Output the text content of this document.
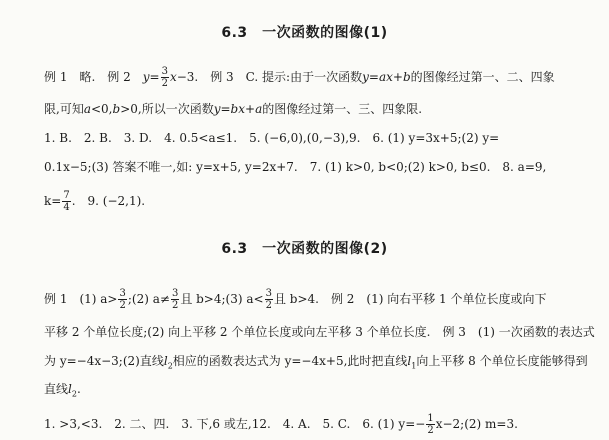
6.3　一次函数的图像(1)
例 1　略.　例 2　$y= \frac{3}{2} x-3$.　例 3　C. 提示:由于一次函数y=ax+b的图像经过第一、二、四象
限,可知a<0,b>0,所以一次函数y=bx+a的图像经过第一、三、四象限.
1. B.　2. B.　3. D.　4. 0.5<a≤1.　5. (−6,0),(0,−3),9.　6. (1) y=3x+5;(2) y=
0.1x−5;(3) 答案不唯一,如: y=x+5, y=2x+7.　7. (1) k>0, b<0;(2) k>0, b≤0.　8. a=9,
$k= \frac{7}{4}$ .　9. (−2,1).
6.3　一次函数的图像(2)
例 1　(1) $a> \frac{3}{2}$ ;(2) $a\ne \frac{3}{2}$ 且 b>4;(3) $a< \frac{3}{2}$ 且 b>4.　例 2　(1) 向右平移 1 个单位长度或向下
平移 2 个单位长度;(2) 向上平移 2 个单位长度或向左平移 3 个单位长度.　例 3　(1) 一次函数的表达式
为 y=−4x−3;(2)直线$l_2$相应的函数表达式为 y=−4x+5,此时把直线$l_1$向上平移 8 个单位长度能够得到
直线$l_2$.
1. >3,<3.　2. 二、四.　3. 下,6 或左,12.　4. A.　5. C.　6. (1) $y=- \frac{1}{2}$ x−2;(2) m=3.
